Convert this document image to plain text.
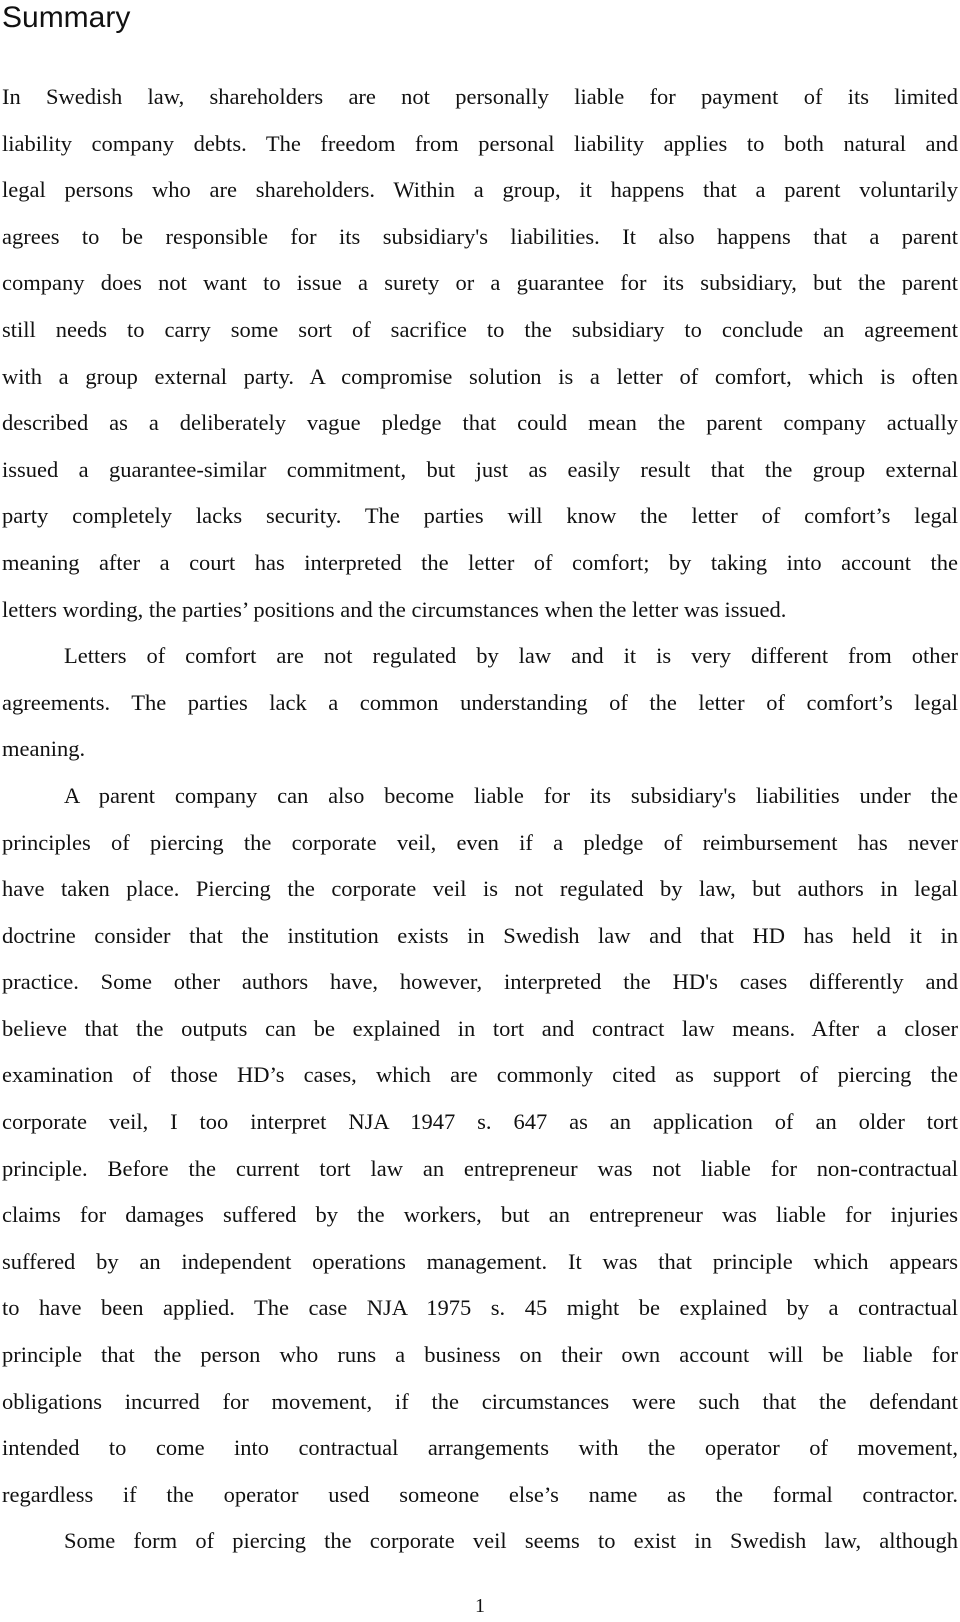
Summary
In Swedish law, shareholders are not personally liable for payment of its limited
liability company debts. The freedom from personal liability applies to both natural and
legal persons who are shareholders. Within a group, it happens that a parent voluntarily
agrees to be responsible for its subsidiary's liabilities. It also happens that a parent
company does not want to issue a surety or a guarantee for its subsidiary, but the parent
still needs to carry some sort of sacrifice to the subsidiary to conclude an agreement
with a group external party. A compromise solution is a letter of comfort, which is often
described as a deliberately vague pledge that could mean the parent company actually
issued a guarantee-similar commitment, but just as easily result that the group external
party completely lacks security. The parties will know the letter of comfort’s legal
meaning after a court has interpreted the letter of comfort; by taking into account the
letters wording, the parties’ positions and the circumstances when the letter was issued.
Letters of comfort are not regulated by law and it is very different from other
agreements. The parties lack a common understanding of the letter of comfort’s legal
meaning.
A parent company can also become liable for its subsidiary's liabilities under the
principles of piercing the corporate veil, even if a pledge of reimbursement has never
have taken place. Piercing the corporate veil is not regulated by law, but authors in legal
doctrine consider that the institution exists in Swedish law and that HD has held it in
practice. Some other authors have, however, interpreted the HD's cases differently and
believe that the outputs can be explained in tort and contract law means. After a closer
examination of those HD’s cases, which are commonly cited as support of piercing the
corporate veil, I too interpret NJA 1947 s. 647 as an application of an older tort
principle. Before the current tort law an entrepreneur was not liable for non-contractual
claims for damages suffered by the workers, but an entrepreneur was liable for injuries
suffered by an independent operations management. It was that principle which appears
to have been applied. The case NJA 1975 s. 45 might be explained by a contractual
principle that the person who runs a business on their own account will be liable for
obligations incurred for movement, if the circumstances were such that the defendant
intended to come into contractual arrangements with the operator of movement,
regardless if the operator used someone else’s name as the formal contractor.
Some form of piercing the corporate veil seems to exist in Swedish law, although
1
